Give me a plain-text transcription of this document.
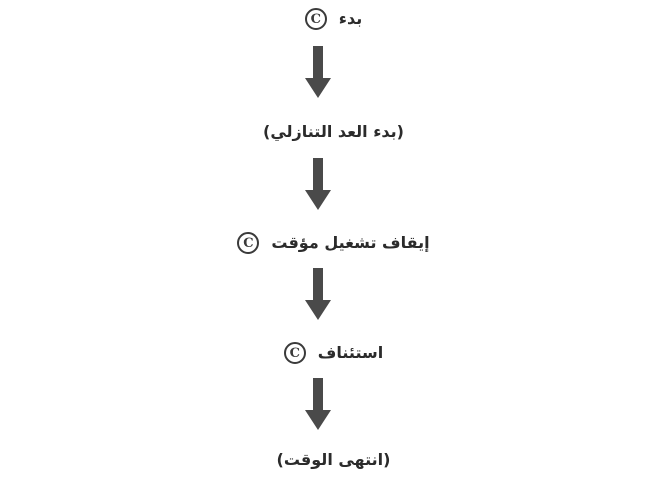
بدء
C
(بدء العد التنازلي)
إيقاف تشغيل مؤقت
C
استئناف
C
(انتهى الوقت)
